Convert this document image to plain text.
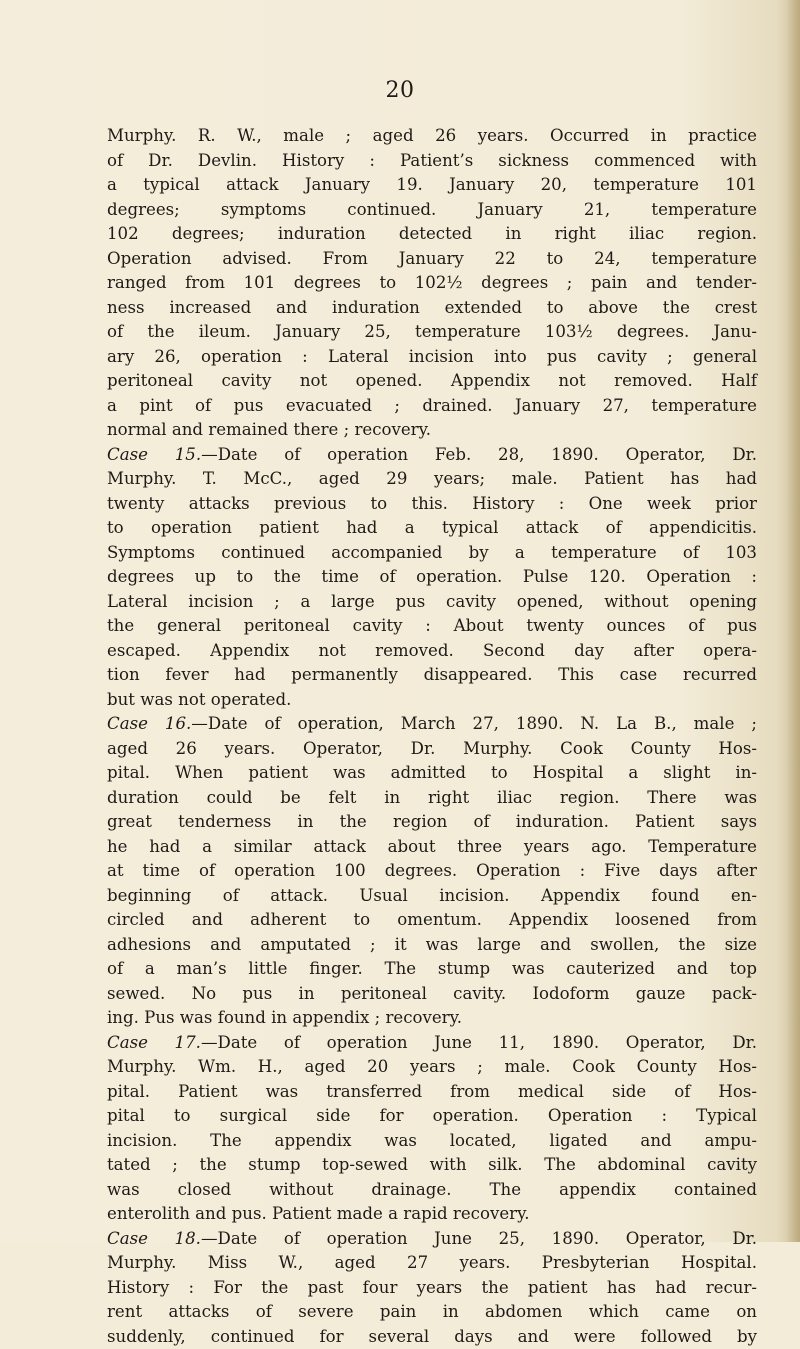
20
Murphy. R. W., male ; aged 26 years. Occurred in practice
of Dr. Devlin. History : Patient’s sickness commenced with
a typical attack January 19. January 20, temperature 101
degrees; symptoms continued. January 21, temperature
102 degrees; induration detected in right iliac region.
Operation advised. From January 22 to 24, temperature
ranged from 101 degrees to 102½ degrees ; pain and tender-
ness increased and induration extended to above the crest
of the ileum. January 25, temperature 103½ degrees. Janu-
ary 26, operation : Lateral incision into pus cavity ; general
peritoneal cavity not opened. Appendix not removed. Half
a pint of pus evacuated ; drained. January 27, temperature
normal and remained there ; recovery.
Case 15.—Date of operation Feb. 28, 1890. Operator, Dr.
Murphy. T. McC., aged 29 years; male. Patient has had
twenty attacks previous to this. History : One week prior
to operation patient had a typical attack of appendicitis.
Symptoms continued accompanied by a temperature of 103
degrees up to the time of operation. Pulse 120. Operation :
Lateral incision ; a large pus cavity opened, without opening
the general peritoneal cavity : About twenty ounces of pus
escaped. Appendix not removed. Second day after opera-
tion fever had permanently disappeared. This case recurred
but was not operated.
Case 16.—Date of operation, March 27, 1890. N. La B., male ;
aged 26 years. Operator, Dr. Murphy. Cook County Hos-
pital. When patient was admitted to Hospital a slight in-
duration could be felt in right iliac region. There was
great tenderness in the region of induration. Patient says
he had a similar attack about three years ago. Temperature
at time of operation 100 degrees. Operation : Five days after
beginning of attack. Usual incision. Appendix found en-
circled and adherent to omentum. Appendix loosened from
adhesions and amputated ; it was large and swollen, the size
of a man’s little finger. The stump was cauterized and top
sewed. No pus in peritoneal cavity. Iodoform gauze pack-
ing. Pus was found in appendix ; recovery.
Case 17.—Date of operation June 11, 1890. Operator, Dr.
Murphy. Wm. H., aged 20 years ; male. Cook County Hos-
pital. Patient was transferred from medical side of Hos-
pital to surgical side for operation. Operation : Typical
incision. The appendix was located, ligated and ampu-
tated ; the stump top-sewed with silk. The abdominal cavity
was closed without drainage. The appendix contained
enterolith and pus. Patient made a rapid recovery.
Case 18.—Date of operation June 25, 1890. Operator, Dr.
Murphy. Miss W., aged 27 years. Presbyterian Hospital.
History : For the past four years the patient has had recur-
rent attacks of severe pain in abdomen which came on
suddenly, continued for several days and were followed by
